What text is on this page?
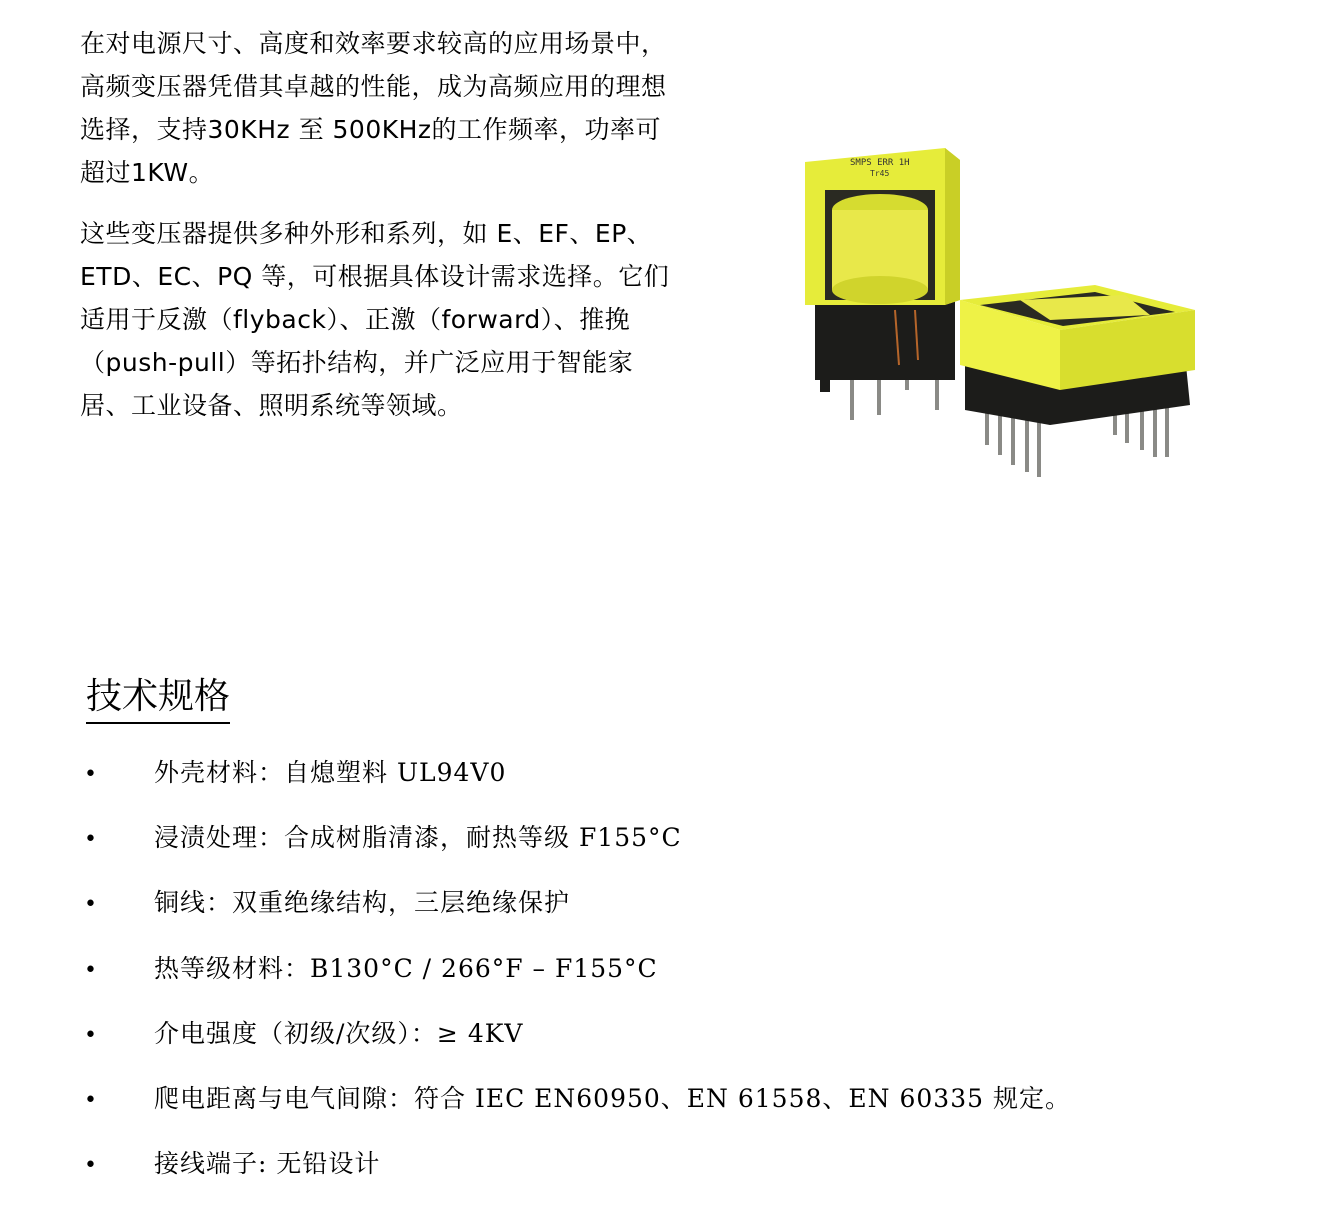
在对电源尺寸、高度和效率要求较高的应用场景中，高频变压器凭借其卓越的性能，成为高频应用的理想选择，支持30KHz 至 500KHz的工作频率，功率可超过1KW。

这些变压器提供多种外形和系列，如 E、EF、EP、ETD、EC、PQ 等，可根据具体设计需求选择。它们适用于反激（flyback）、正激（forward）、推挽（push-pull）等拓扑结构，并广泛应用于智能家居、工业设备、照明系统等领域。

SMPS ERR 1H
Tr45
技术规格
• 外壳材料：自熄塑料 UL94V0
• 浸渍处理：合成树脂清漆，耐热等级 F155°C
• 铜线：双重绝缘结构，三层绝缘保护
• 热等级材料：B130°C / 266°F – F155°C
• 介电强度（初级/次级）：≥ 4KV
• 爬电距离与电气间隙：符合 IEC EN60950、EN 61558、EN 60335 规定。
• 接线端子: 无铅设计
